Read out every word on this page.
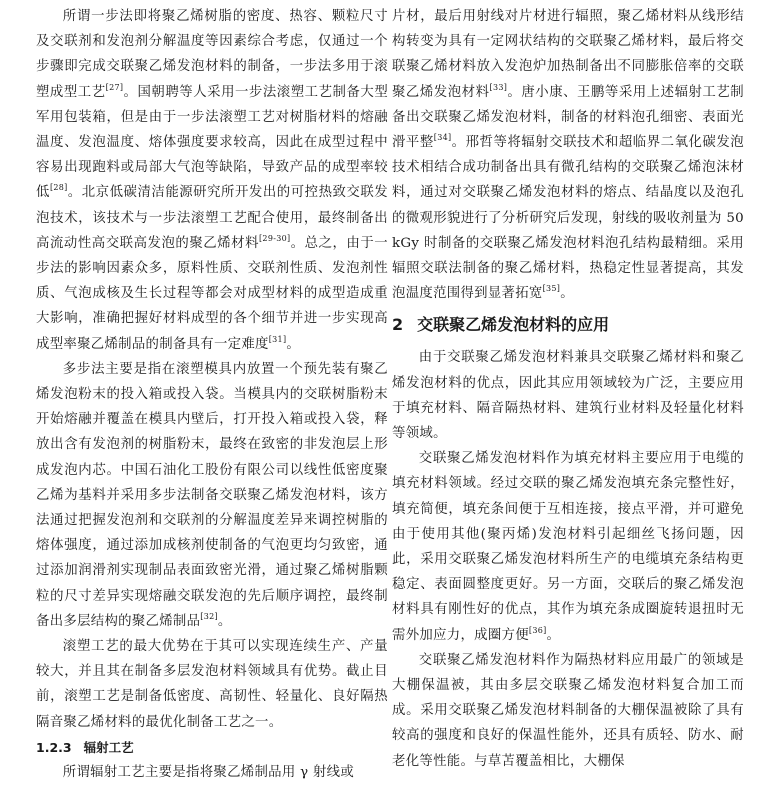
所谓一步法即将聚乙烯树脂的密度、热容、颗粒尺寸及交联剂和发泡剂分解温度等因素综合考虑，仅通过一个步骤即完成交联聚乙烯发泡材料的制备，一步法多用于滚塑成型工艺[27]。国朝聘等人采用一步法滚塑工艺制备大型军用包装箱，但是由于一步法滚塑工艺对树脂材料的熔融温度、发泡温度、熔体强度要求较高，因此在成型过程中容易出现跑料或局部大气泡等缺陷，导致产品的成型率较低[28]。北京低碳清洁能源研究所开发出的可控热致交联发泡技术，该技术与一步法滚塑工艺配合使用，最终制备出高流动性高交联高发泡的聚乙烯材料[29-30]。总之，由于一步法的影响因素众多，原料性质、交联剂性质、发泡剂性质、气泡成核及生长过程等都会对成型材料的成型造成重大影响，准确把握好材料成型的各个细节并进一步实现高成型率聚乙烯制品的制备具有一定难度[31]。

多步法主要是指在滚塑模具内放置一个预先装有聚乙烯发泡粉末的投入箱或投入袋。当模具内的交联树脂粉末开始熔融并覆盖在模具内壁后，打开投入箱或投入袋，释放出含有发泡剂的树脂粉末，最终在致密的非发泡层上形成发泡内芯。中国石油化工股份有限公司以线性低密度聚乙烯为基料并采用多步法制备交联聚乙烯发泡材料，该方法通过把握发泡剂和交联剂的分解温度差异来调控树脂的熔体强度，通过添加成核剂使制备的气泡更均匀致密，通过添加润滑剂实现制品表面致密光滑，通过聚乙烯树脂颗粒的尺寸差异实现熔融交联发泡的先后顺序调控，最终制备出多层结构的聚乙烯制品[32]。

滚塑工艺的最大优势在于其可以实现连续生产、产量较大，并且其在制备多层发泡材料领域具有优势。截止目前，滚塑工艺是制备低密度、高韧性、轻量化、良好隔热隔音聚乙烯材料的最优化制备工艺之一。

1.2.3 辐射工艺

所谓辐射工艺主要是指将聚乙烯制品用 γ 射线或

片材，最后用射线对片材进行辐照，聚乙烯材料从线形结构转变为具有一定网状结构的交联聚乙烯材料，最后将交联聚乙烯材料放入发泡炉加热制备出不同膨胀倍率的交联聚乙烯发泡材料[33]。唐小康、王鹏等采用上述辐射工艺制备出交联聚乙烯发泡材料，制备的材料泡孔细密、表面光滑平整[34]。邢哲等将辐射交联技术和超临界二氧化碳发泡技术相结合成功制备出具有微孔结构的交联聚乙烯泡沫材料，通过对交联聚乙烯发泡材料的熔点、结晶度以及泡孔的微观形貌进行了分析研究后发现，射线的吸收剂量为 50 kGy 时制备的交联聚乙烯发泡材料泡孔结构最精细。采用辐照交联法制备的聚乙烯材料，热稳定性显著提高，其发泡温度范围得到显著拓宽[35]。

2 交联聚乙烯发泡材料的应用

由于交联聚乙烯发泡材料兼具交联聚乙烯材料和聚乙烯发泡材料的优点，因此其应用领域较为广泛，主要应用于填充材料、隔音隔热材料、建筑行业材料及轻量化材料等领域。

交联聚乙烯发泡材料作为填充材料主要应用于电缆的填充材料领域。经过交联的聚乙烯发泡填充条完整性好，填充简便，填充条间便于互相连接，接点平滑，并可避免由于使用其他(聚丙烯)发泡材料引起细丝飞扬问题，因此，采用交联聚乙烯发泡材料所生产的电缆填充条结构更稳定、表面圆整度更好。另一方面，交联后的聚乙烯发泡材料具有刚性好的优点，其作为填充条成圈旋转退扭时无需外加应力，成圈方便[36]。

交联聚乙烯发泡材料作为隔热材料应用最广的领域是大棚保温被，其由多层交联聚乙烯发泡材料复合加工而成。采用交联聚乙烯发泡材料制备的大棚保温被除了具有较高的强度和良好的保温性能外，还具有质轻、防水、耐老化等性能。与草苫覆盖相比，大棚保
